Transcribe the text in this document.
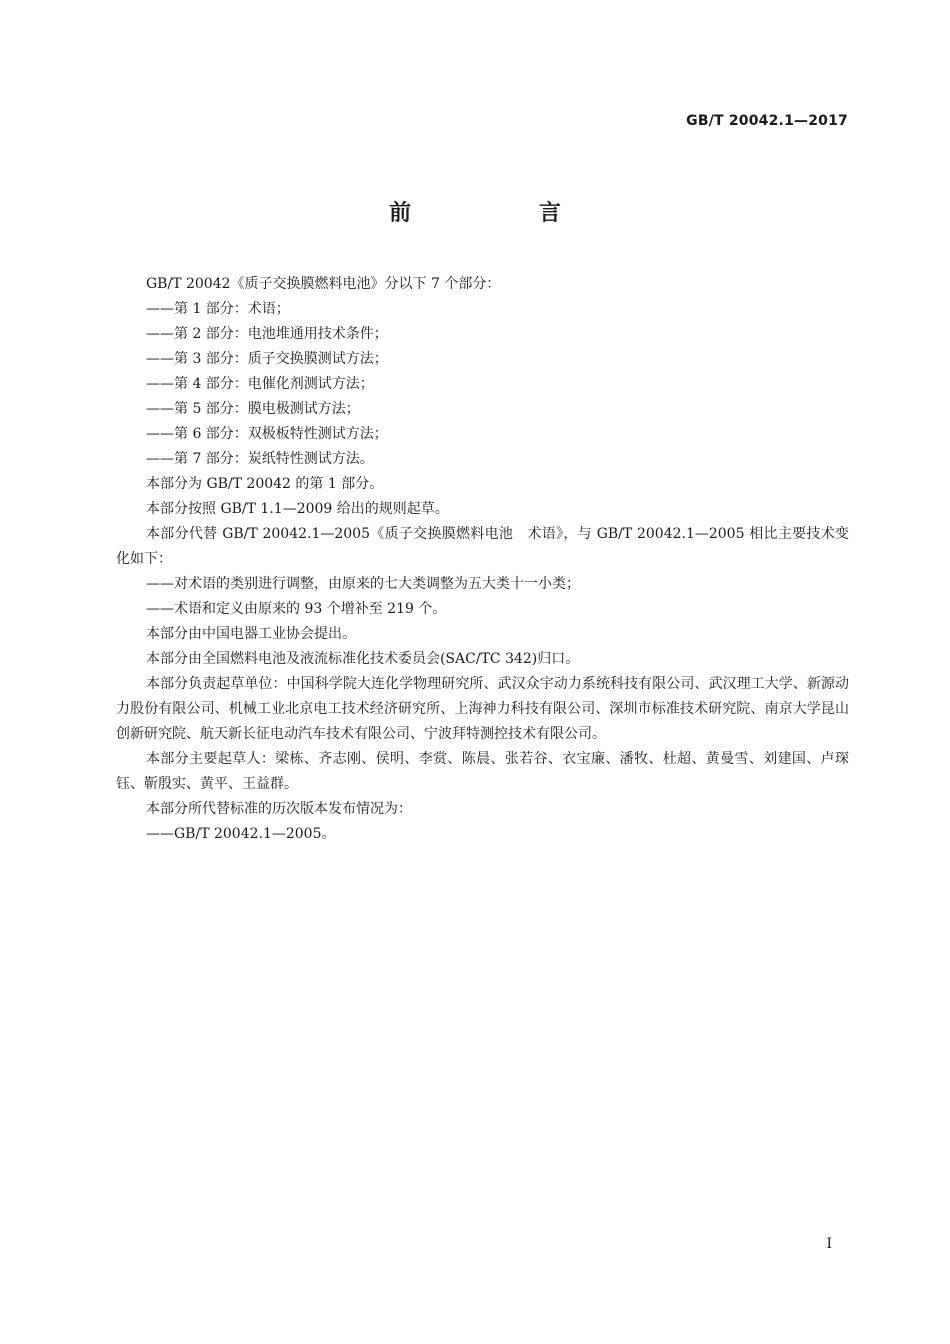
GB/T 20042.1—2017
前 言

GB/T 20042《质子交换膜燃料电池》分以下 7 个部分：

——第 1 部分：术语；

——第 2 部分：电池堆通用技术条件；

——第 3 部分：质子交换膜测试方法；

——第 4 部分：电催化剂测试方法；

——第 5 部分：膜电极测试方法；

——第 6 部分：双极板特性测试方法；

——第 7 部分：炭纸特性测试方法。

本部分为 GB/T 20042 的第 1 部分。

本部分按照 GB/T 1.1—2009 给出的规则起草。

本部分代替 GB/T 20042.1—2005《质子交换膜燃料电池　术语》，与 GB/T 20042.1—2005 相比主要技术变化如下：

——对术语的类别进行调整，由原来的七大类调整为五大类十一小类；

——术语和定义由原来的 93 个增补至 219 个。

本部分由中国电器工业协会提出。

本部分由全国燃料电池及液流标准化技术委员会(SAC/TC 342)归口。

本部分负责起草单位：中国科学院大连化学物理研究所、武汉众宇动力系统科技有限公司、武汉理工大学、新源动力股份有限公司、机械工业北京电工技术经济研究所、上海神力科技有限公司、深圳市标准技术研究院、南京大学昆山创新研究院、航天新长征电动汽车技术有限公司、宁波拜特测控技术有限公司。

本部分主要起草人：梁栋、齐志刚、侯明、李赏、陈晨、张若谷、衣宝廉、潘牧、杜超、黄曼雪、刘建国、卢琛钰、靳殷实、黄平、王益群。

本部分所代替标准的历次版本发布情况为：

——GB/T 20042.1—2005。

I
